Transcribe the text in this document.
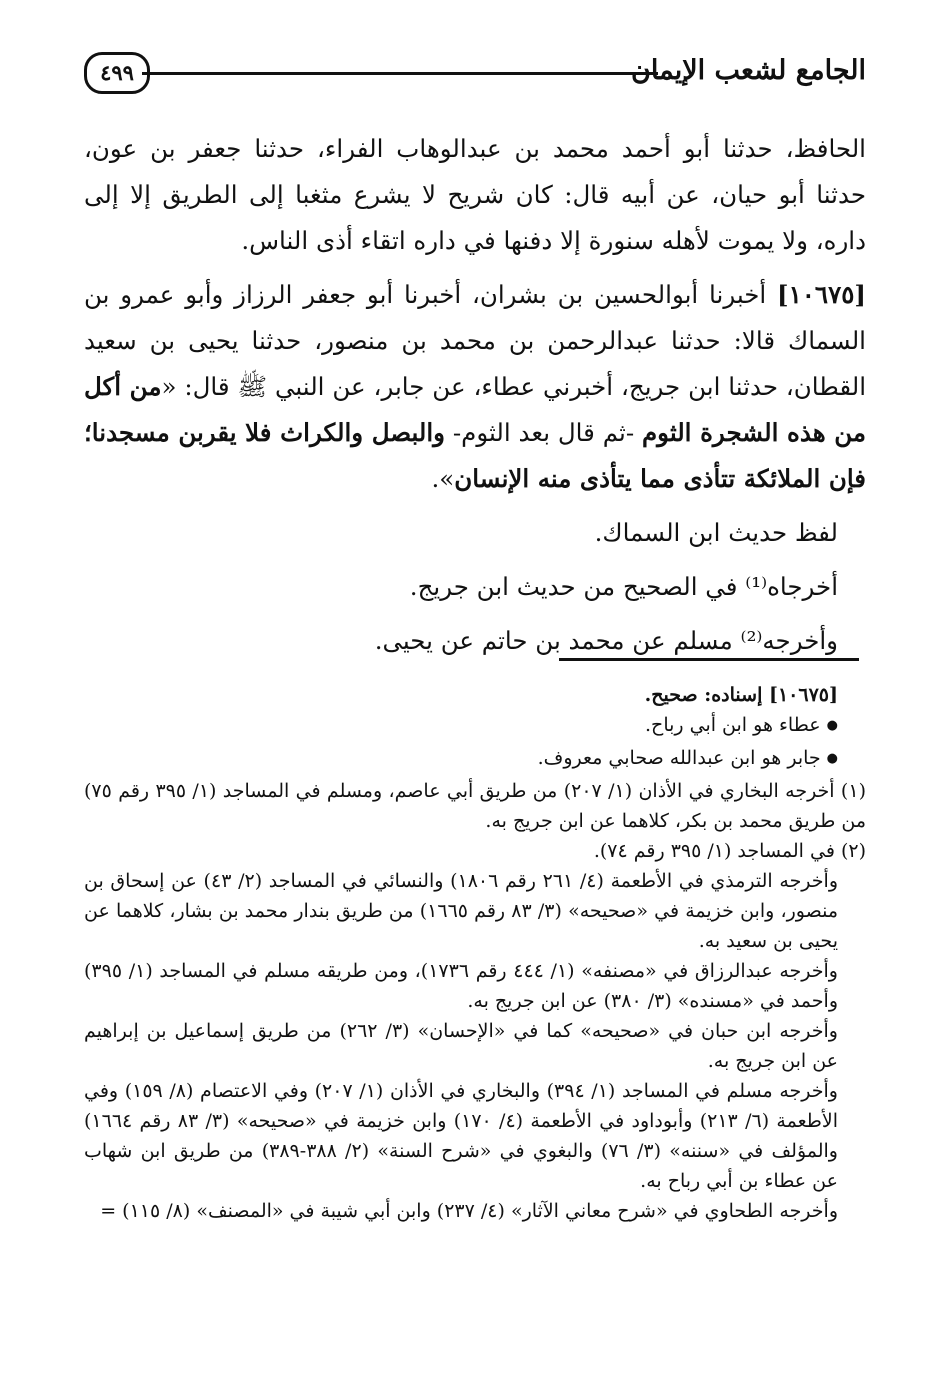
الجامع لشعب الإيمان
٤٩٩

الحافظ، حدثنا أبو أحمد محمد بن عبدالوهاب الفراء، حدثنا جعفر بن عون، حدثنا أبو حيان، عن أبيه قال: كان شريح لا يشرع مثغبا إلى الطريق إلا إلى داره، ولا يموت لأهله سنورة إلا دفنها في داره اتقاء أذى الناس.

[١٠٦٧٥] أخبرنا أبوالحسين بن بشران، أخبرنا أبو جعفر الرزاز وأبو عمرو بن السماك قالا: حدثنا عبدالرحمن بن محمد بن منصور، حدثنا يحيى بن سعيد القطان، حدثنا ابن جريج، أخبرني عطاء، عن جابر، عن النبي ﷺ قال: «من أكل من هذه الشجرة الثوم -ثم قال بعد الثوم- والبصل والكراث فلا يقربن مسجدنا؛ فإن الملائكة تتأذى مما يتأذى منه الإنسان».

لفظ حديث ابن السماك.

أخرجاه⁽¹⁾ في الصحيح من حديث ابن جريج.

وأخرجه⁽²⁾ مسلم عن محمد بن حاتم عن يحيى.

[١٠٦٧٥] إسناده: صحيح.

● عطاء هو ابن أبي رباح.

● جابر هو ابن عبدالله صحابي معروف.

(١) أخرجه البخاري في الأذان (١/ ٢٠٧) من طريق أبي عاصم، ومسلم في المساجد (١/ ٣٩٥ رقم ٧٥) من طريق محمد بن بكر، كلاهما عن ابن جريج به.

(٢) في المساجد (١/ ٣٩٥ رقم ٧٤).

وأخرجه الترمذي في الأطعمة (٤/ ٢٦١ رقم ١٨٠٦) والنسائي في المساجد (٢/ ٤٣) عن إسحاق بن منصور، وابن خزيمة في «صحيحه» (٣/ ٨٣ رقم ١٦٦٥) من طريق بندار محمد بن بشار، كلاهما عن يحيى بن سعيد به.

وأخرجه عبدالرزاق في «مصنفه» (١/ ٤٤٤ رقم ١٧٣٦)، ومن طريقه مسلم في المساجد (١/ ٣٩٥) وأحمد في «مسنده» (٣/ ٣٨٠) عن ابن جريج به.

وأخرجه ابن حبان في «صحيحه» كما في «الإحسان» (٣/ ٢٦٢) من طريق إسماعيل بن إبراهيم عن ابن جريج به.

وأخرجه مسلم في المساجد (١/ ٣٩٤) والبخاري في الأذان (١/ ٢٠٧) وفي الاعتصام (٨/ ١٥٩) وفي الأطعمة (٦/ ٢١٣) وأبوداود في الأطعمة (٤/ ١٧٠) وابن خزيمة في «صحيحه» (٣/ ٨٣ رقم ١٦٦٤) والمؤلف في «سننه» (٣/ ٧٦) والبغوي في «شرح السنة» (٢/ ٣٨٨-٣٨٩) من طريق ابن شهاب عن عطاء بن أبي رباح به.

وأخرجه الطحاوي في «شرح معاني الآثار» (٤/ ٢٣٧) وابن أبي شيبة في «المصنف» (٨/ ١١٥) =
